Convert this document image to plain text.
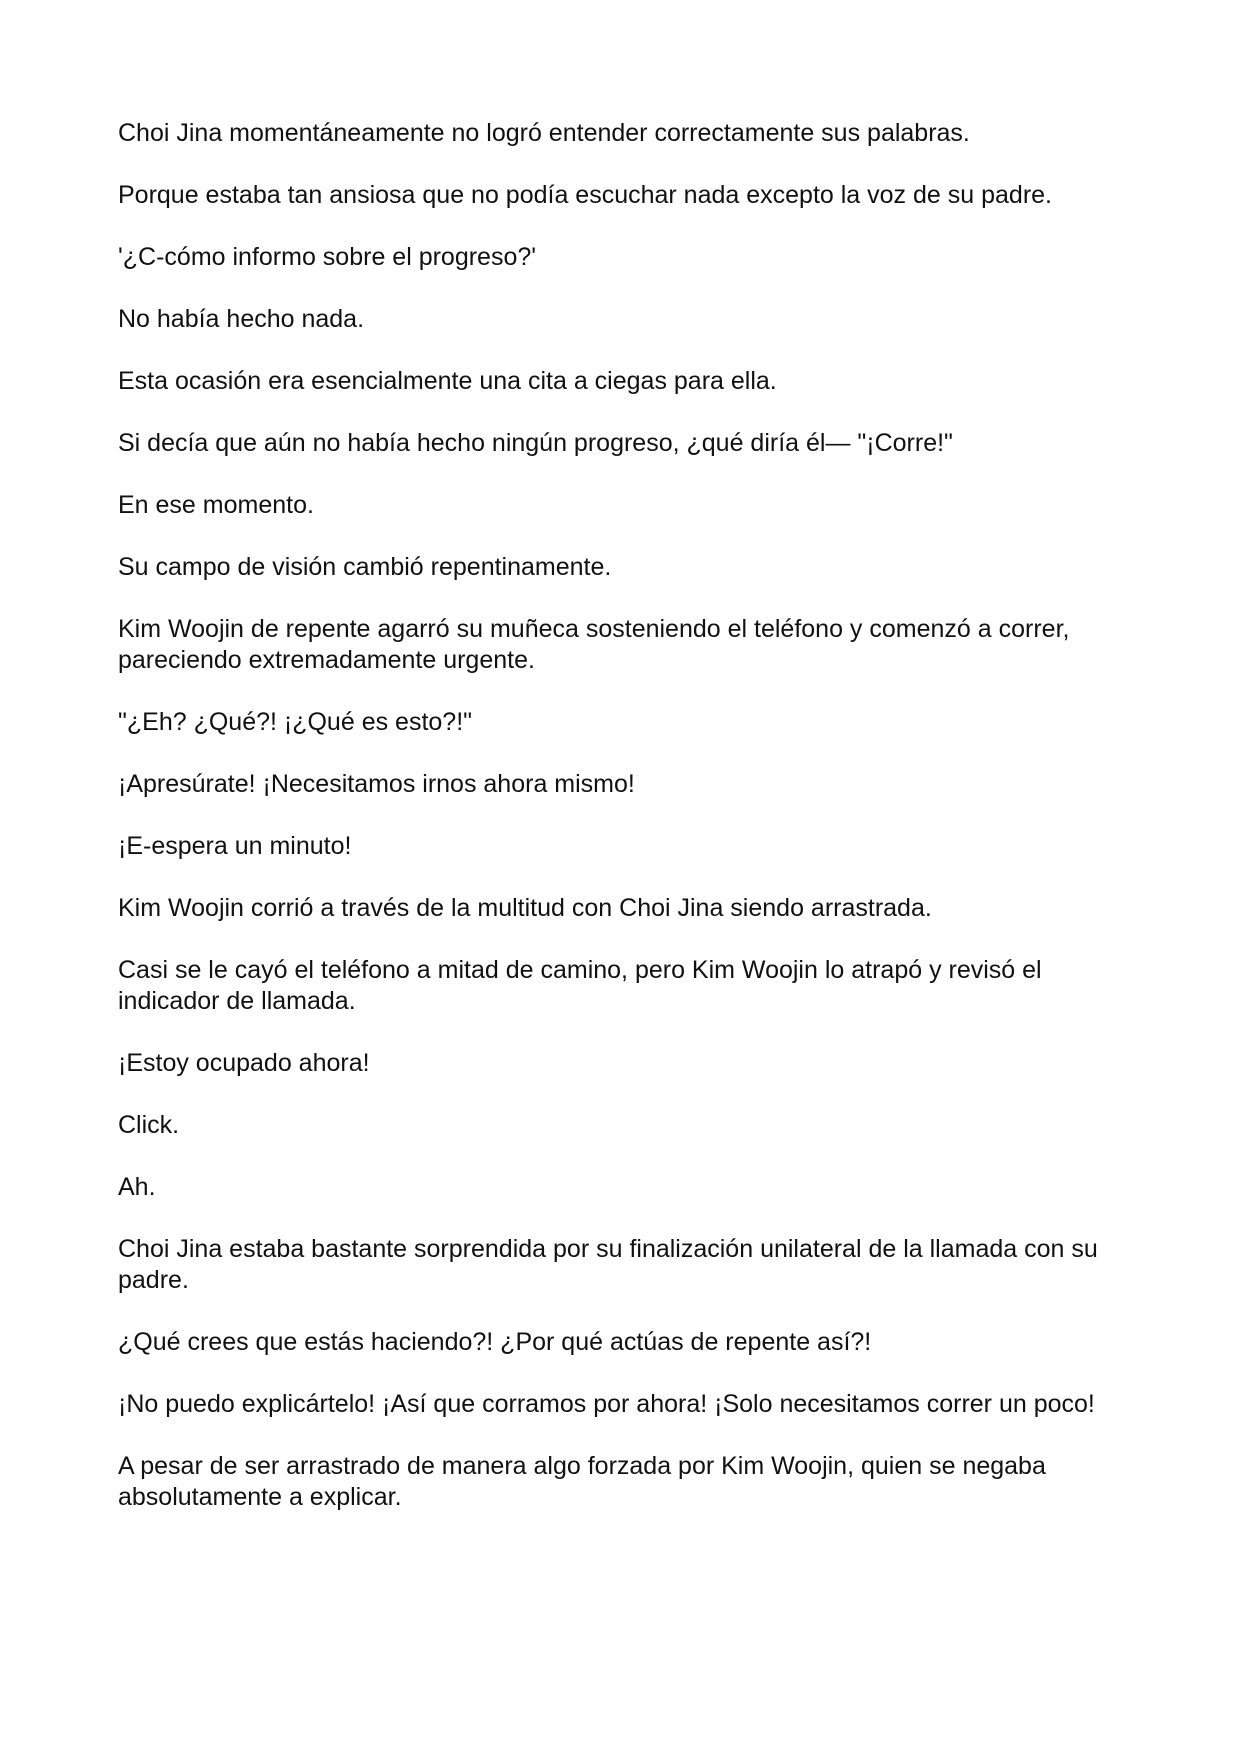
Choi Jina momentáneamente no logró entender correctamente sus palabras.

Porque estaba tan ansiosa que no podía escuchar nada excepto la voz de su padre.

'¿C-cómo informo sobre el progreso?'

No había hecho nada.

Esta ocasión era esencialmente una cita a ciegas para ella.

Si decía que aún no había hecho ningún progreso, ¿qué diría él— "¡Corre!"

En ese momento.

Su campo de visión cambió repentinamente.

Kim Woojin de repente agarró su muñeca sosteniendo el teléfono y comenzó a correr, pareciendo extremadamente urgente.

"¿Eh? ¿Qué?! ¡¿Qué es esto?!"

¡Apresúrate! ¡Necesitamos irnos ahora mismo!

¡E-espera un minuto!

Kim Woojin corrió a través de la multitud con Choi Jina siendo arrastrada.

Casi se le cayó el teléfono a mitad de camino, pero Kim Woojin lo atrapó y revisó el indicador de llamada.

¡Estoy ocupado ahora!

Click.

Ah.

Choi Jina estaba bastante sorprendida por su finalización unilateral de la llamada con su padre.

¿Qué crees que estás haciendo?! ¿Por qué actúas de repente así?!

¡No puedo explicártelo! ¡Así que corramos por ahora! ¡Solo necesitamos correr un poco!

A pesar de ser arrastrado de manera algo forzada por Kim Woojin, quien se negaba absolutamente a explicar.
